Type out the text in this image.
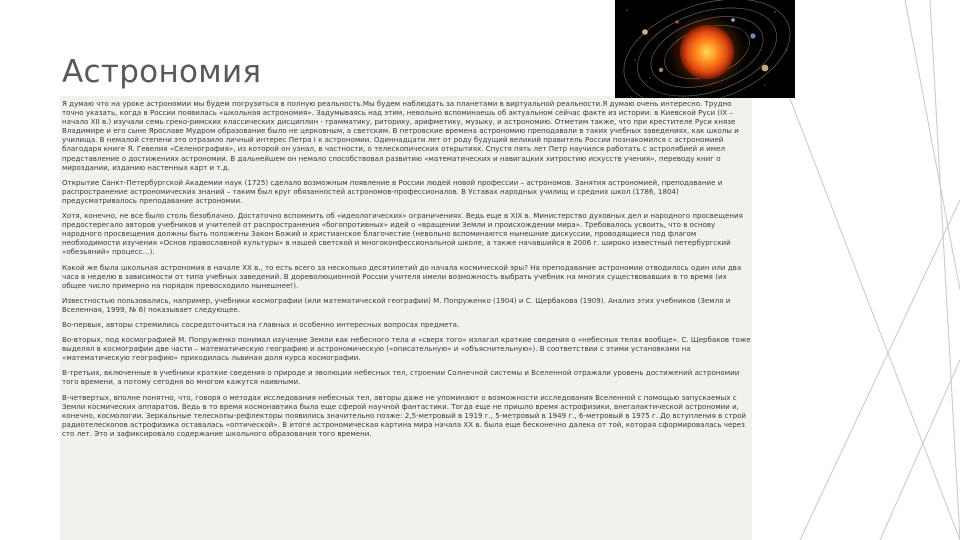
Астрономия

Я думаю что на уроке астрономии мы будем погрузиться в полную реальность.Мы будем наблюдать за планетами в виртуальной реальности.Я думаю очень интересно. Трудно точно указать, когда в России появилась «школьная астрономия». Задумываясь над этим, невольно вспоминаешь об актуальном сейчас факте из истории: в Киевской Руси (IX – начало XII в.) изучали семь греко-римских классических дисциплин - грамматику, риторику, арифметику, музыку, и астрономию. Отметим также, что при крестителе Руси князе Владимире и его сыне Ярославе Мудром образование было не церковным, а светским. В петровские времена астрономию преподавали в таких учебных заведениях, как школы и училища. В немалой степени это отразило личный интерес Петра I к астрономии. Одиннадцати лет от роду будущий великий правитель России познакомился с астрономией благодаря книге Я. Гевелия «Селенография», из которой он узнал, в частности, о телескопических открытиях. Спустя пять лет Петр научился работать с астролябией и имел представление о достижениях астрономии. В дальнейшем он немало способствовал развитию «математических и навигацких хитростию искусств учения», переводу книг о мироздании, изданию настенных карт и т.д.

Открытие Санкт-Петербургской Академии наук (1725) сделало возможным появление в России людей новой профессии – астрономов. Занятия астрономией, преподавание и распространение астрономических знаний – таким был круг обязанностей астрономов-профессионалов. В Уставах народных училищ и средних школ (1786, 1804) предусматривалось преподавание астрономии.

Хотя, конечно, не все было столь безоблачно. Достаточно вспомнить об «идеологических» ограничениях. Ведь еще в XIX в. Министерство духовных дел и народного просвещения предостерегало авторов учебников и учителей от распространения «богопротивных» идей о «вращении Земли и происхождении мира». Требовалось усвоить, что в основу народного просвещения должны быть положены Закон Божий и христианское благочестие (невольно вспоминаются нынешние дискуссии, проводящиеся под флагом необходимости изучения «Основ православной культуры» в нашей светской и многоконфессиональной школе, а также начавшийся в 2006 г. широко известный петербургский «обезьяний» процесс…).

Какой же была школьная астрономия в начале XX в., то есть всего за несколько десятилетий до начала космической эры? На преподавание астрономии отводилось один или два часа в неделю в зависимости от типа учебных заведений. В дореволюционной России учителя имели возможность выбрать учебник на многих существовавших в то время (их общее число примерно на порядок превосходило нынешнее!).

Известностью пользовались, например, учебники космографии (или математической географии) М. Попруженко (1904) и С. Щербакова (1909). Анализ этих учебников (Земля и Вселенная, 1999, № 6) показывает следующее.

Во-первых, авторы стремились сосредоточиться на главных и особенно интересных вопросах предмета.

Во-вторых, под космографией М. Попруженко понимал изучение Земли как небесного тела и «сверх того» излагал краткие сведения о «небесных телах вообще». С. Щербаков тоже выделял в космографии две части – математическую географию и астрономическую («описательную» и «объяснительную»). В соответствии с этими установками на «математическую географию» приходилась львиная доля курса космографии.

В-третьих, включенные в учебники краткие сведения о природе и эволюции небесных тел, строении Солнечной системы и Вселенной отражали уровень достижений астрономии того времени, а потому сегодня во многом кажутся наивными.

В-четвертых, вполне понятно, что, говоря о методах исследования небесных тел, авторы даже не упоминают о возможности исследования Вселенной с помощью запускаемых с Земли космических аппаратов. Ведь в то время космонавтика была еще сферой научной фантастики. Тогда еще не пришло время астрофизики, внегалактической астрономии и, конечно, космологии. Зеркальные телескопы-рефлекторы появились значительно позже: 2,5-метровый в 1919 г., 5-метровый в 1949 г., 6-метровый в 1975 г. До вступления в строй радиотелескопов астрофизика оставалась «оптической». В итоге астрономическая картина мира начала XX в. была еще бесконечно далека от той, которая сформировалась через сто лет. Это и зафиксировало содержание школьного образования того времени.
